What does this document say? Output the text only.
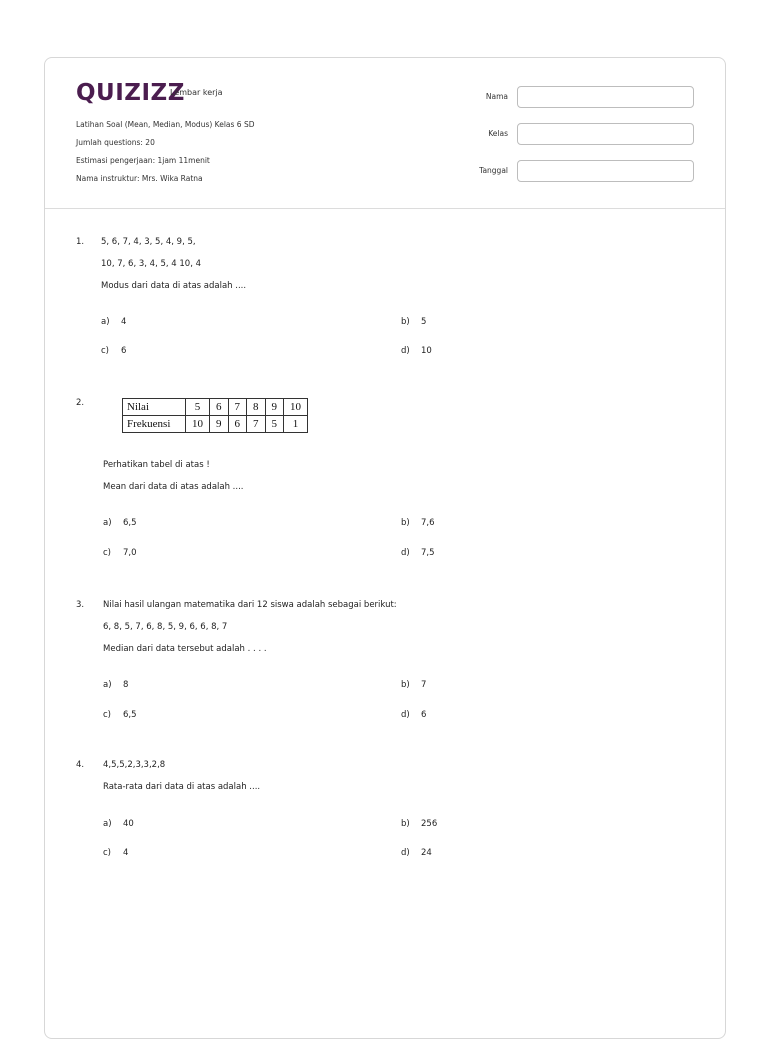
QUIZIZZ
Lembar kerja
Latihan Soal (Mean, Median, Modus) Kelas 6 SD
Jumlah questions: 20
Estimasi pengerjaan: 1jam 11menit
Nama instruktur: Mrs. Wika Ratna
Nama
Kelas
Tanggal
1. 5, 6, 7, 4, 3, 5, 4, 9, 5,
10, 7, 6, 3, 4, 5, 4 10, 4
Modus dari data di atas adalah ....
a) 4	b) 5
c) 6	d) 10
2.	Nilai	5	6	7	8	9	10
Frekuensi	10	9	6	7	5	1
Perhatikan tabel di atas !
Mean dari data di atas adalah ....
a) 6,5	b) 7,6
c) 7,0	d) 7,5
3. Nilai hasil ulangan matematika dari 12 siswa adalah sebagai berikut:
6, 8, 5, 7, 6, 8, 5, 9, 6, 6, 8, 7
Median dari data tersebut adalah . . . .
a) 8	b) 7
c) 6,5	d) 6
4. 4,5,5,2,3,3,2,8
Rata-rata dari data di atas adalah ....
a) 40	b) 256
c) 4	d) 24
